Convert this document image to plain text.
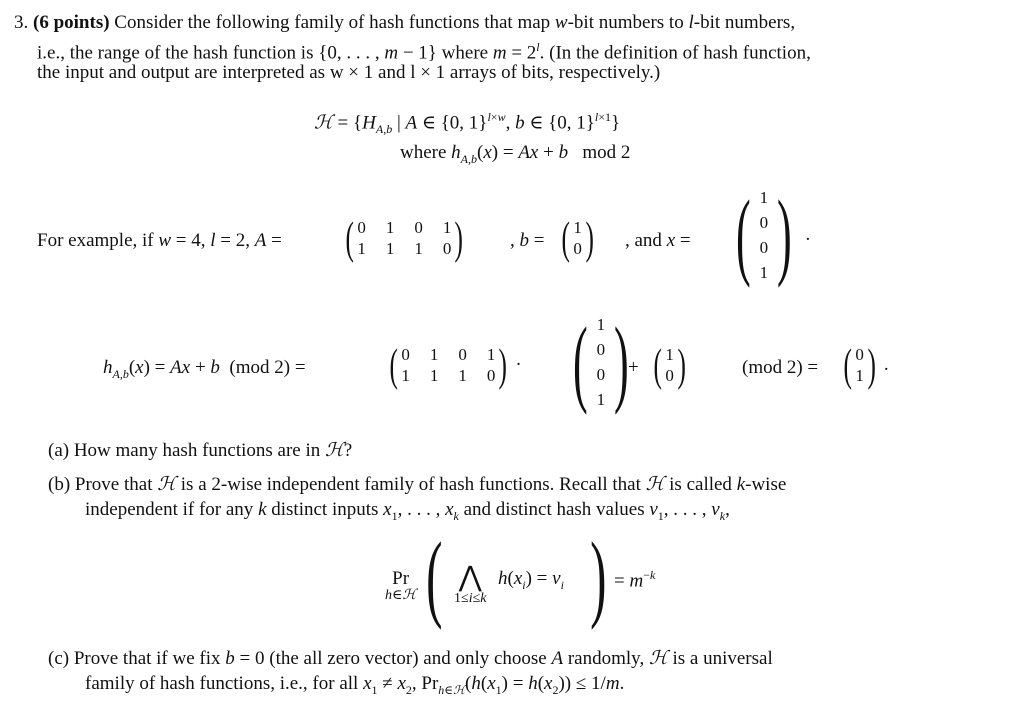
3. (6 points) Consider the following family of hash functions that map w-bit numbers to l-bit numbers,
i.e., the range of the hash function is {0, . . . , m − 1} where $m = 2^l$. (In the definition of hash function,
the input and output are interpreted as w × 1 and l × 1 arrays of bits, respectively.)
ℋ = {$H_{A,b}$ | A ∈ {0, 1}$^{l\times w}$, b ∈ {0, 1}$^{l\times 1}$}
where $h_{A,b}(x) = Ax + b$   mod 2
For example, if w = 4, l = 2, A = ( 0 1 0 1
1 1 1 0 ) , b = ( 1
0 ) , and x = ( 1
0
0
1 ) .
$h_{A,b}(x) = Ax + b$  (mod 2) = ( 0 1 0 1
1 1 1 0 ) · ( 1
0
0
1 ) + ( 1
0 )	(mod 2) = ( 0
1 ) .
(a) How many hash functions are in ℋ?
(b) Prove that ℋ is a 2-wise independent family of hash functions. Recall that ℋ is called k-wise
independent if for any k distinct inputs $x_1$, . . . , $x_k$ and distinct hash values $v_1$, . . . , $v_k$,
Pr
h∈ℋ ( ⋀
1≤i≤k
$h(x_i) = v_i$ ) = $m^{-k}$
(c) Prove that if we fix b = 0 (the all zero vector) and only choose A randomly, ℋ is a universal
family of hash functions, i.e., for all $x_1 \ne x_2$, $Pr_{h\in ℋ}(h(x_1) = h(x_2)) \le 1/m$.
